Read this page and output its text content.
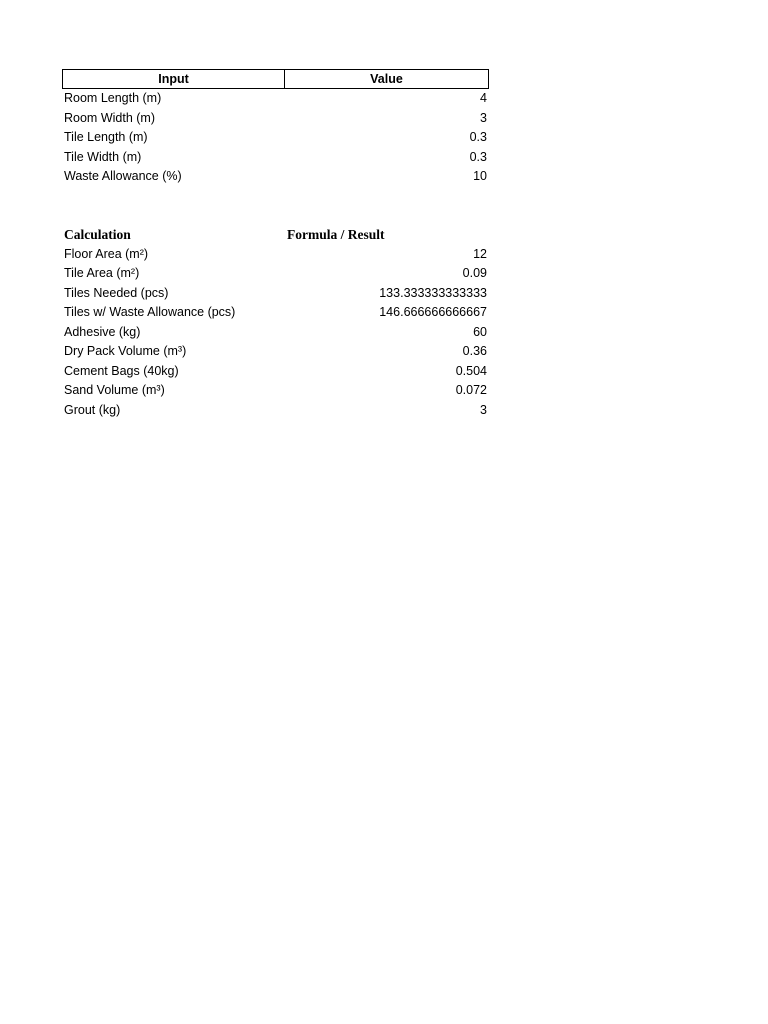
Input	Value
Room Length (m)	4
Room Width (m)	3
Tile Length (m)	0.3
Tile Width (m)	0.3
Waste Allowance (%)	10
Calculation	Formula / Result
Floor Area (m²)	12
Tile Area (m²)	0.09
Tiles Needed (pcs)	133.333333333333
Tiles w/ Waste Allowance (pcs)	146.666666666667
Adhesive (kg)	60
Dry Pack Volume (m³)	0.36
Cement Bags (40kg)	0.504
Sand Volume (m³)	0.072
Grout (kg)	3
